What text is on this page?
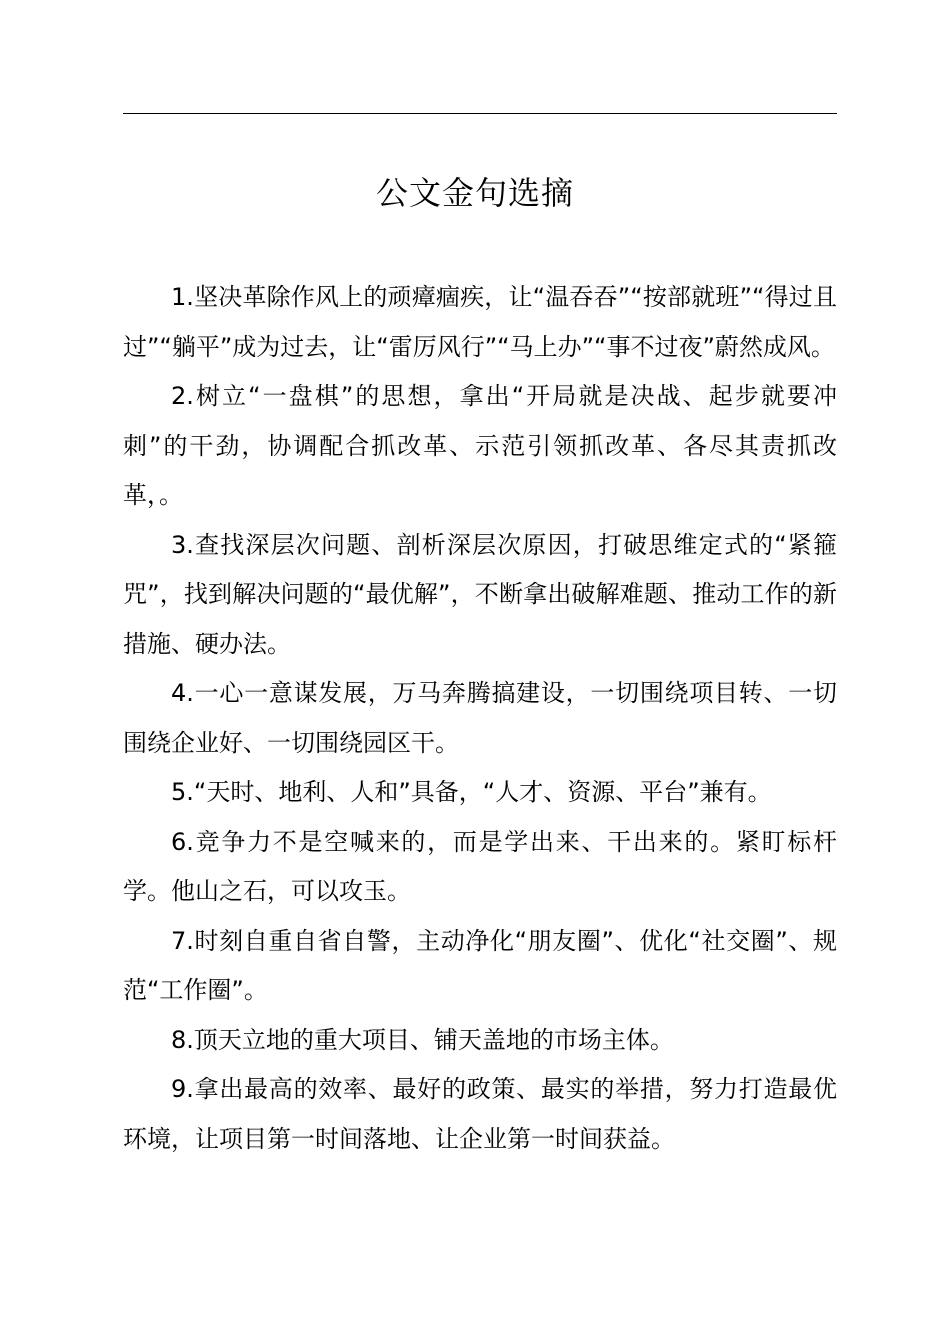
公文金句选摘

1.坚决革除作风上的顽瘴痼疾，让“温吞吞”“按部就班”“得过且过”“躺平”成为过去，让“雷厉风行”“马上办”“事不过夜”蔚然成风。

2.树立“一盘棋”的思想，拿出“开局就是决战、起步就要冲刺”的干劲，协调配合抓改革、示范引领抓改革、各尽其责抓改革，。

3.查找深层次问题、剖析深层次原因，打破思维定式的“紧箍咒”，找到解决问题的“最优解”，不断拿出破解难题、推动工作的新措施、硬办法。

4.一心一意谋发展，万马奔腾搞建设，一切围绕项目转、一切围绕企业好、一切围绕园区干。

5.“天时、地利、人和”具备，“人才、资源、平台”兼有。

6.竞争力不是空喊来的，而是学出来、干出来的。紧盯标杆学。他山之石，可以攻玉。

7.时刻自重自省自警，主动净化“朋友圈”、优化“社交圈”、规范“工作圈”。

8.顶天立地的重大项目、铺天盖地的市场主体。

9.拿出最高的效率、最好的政策、最实的举措，努力打造最优环境，让项目第一时间落地、让企业第一时间获益。
